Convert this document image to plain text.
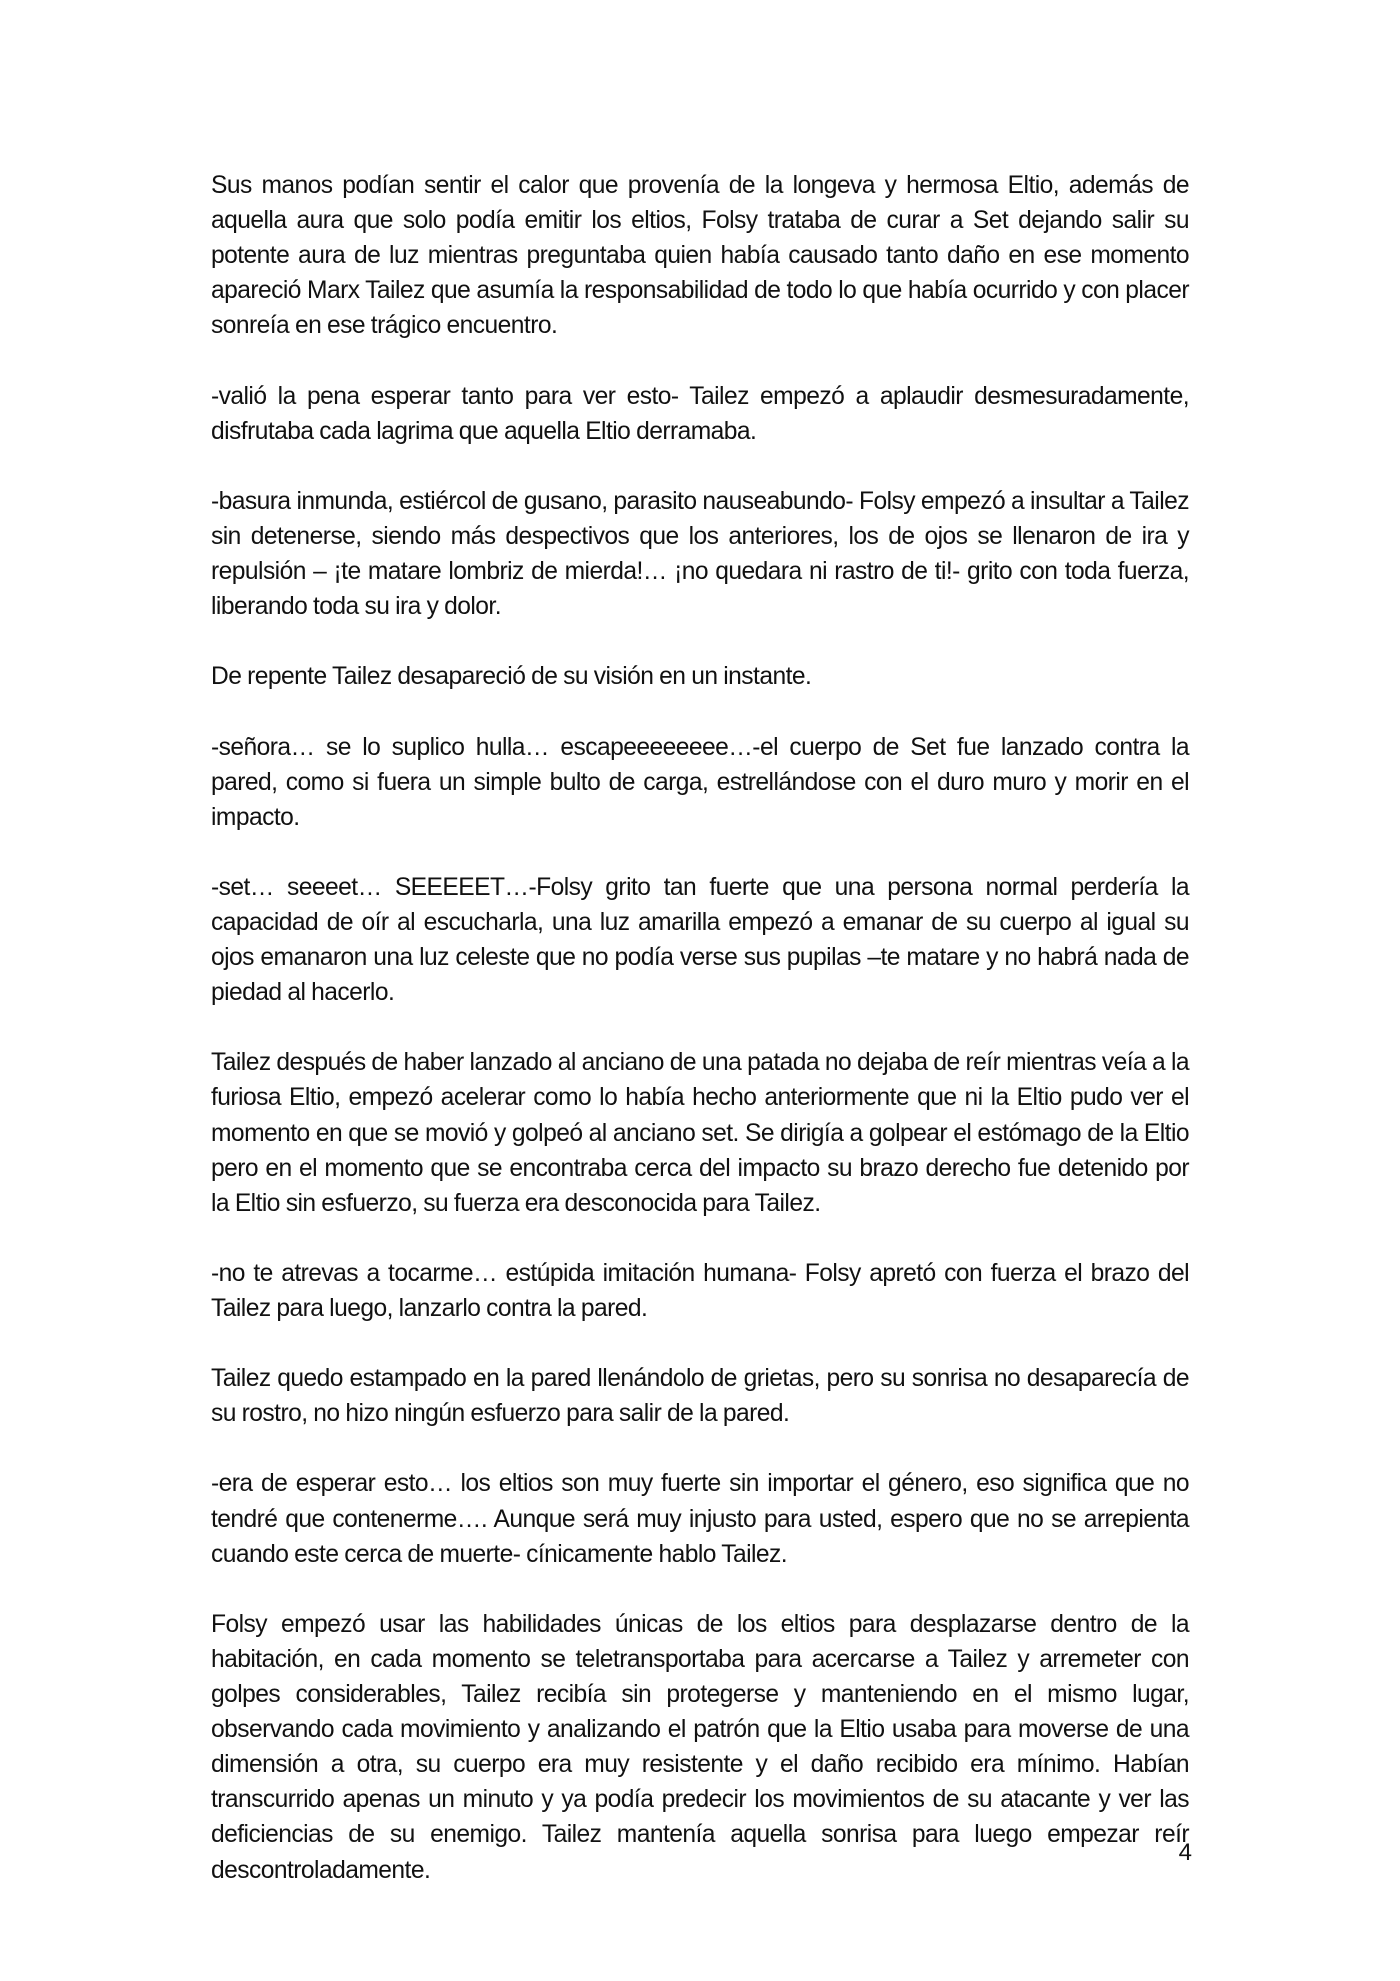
Sus manos podían sentir el calor que provenía de la longeva y hermosa Eltio, además de aquella aura que solo podía emitir los eltios, Folsy trataba de curar a Set dejando salir su potente aura de luz mientras preguntaba quien había causado tanto daño en ese momento apareció Marx Tailez que asumía la responsabilidad de todo lo que había ocurrido y con placer sonreía en ese trágico encuentro.

-valió la pena esperar tanto para ver esto- Tailez empezó a aplaudir desmesuradamente, disfrutaba cada lagrima que aquella Eltio derramaba.

-basura inmunda, estiércol de gusano, parasito nauseabundo- Folsy empezó a insultar a Tailez sin detenerse, siendo más despectivos que los anteriores, los de ojos se llenaron de ira y repulsión – ¡te matare lombriz de mierda!… ¡no quedara ni rastro de ti!- grito con toda fuerza, liberando toda su ira y dolor.

De repente Tailez desapareció de su visión en un instante.

-señora… se lo suplico hulla… escapeeeeeeee…-el cuerpo de Set fue lanzado contra la pared, como si fuera un simple bulto de carga, estrellándose con el duro muro y morir en el impacto.

-set… seeeet… SEEEEET…-Folsy grito tan fuerte que una persona normal perdería la capacidad de oír al escucharla, una luz amarilla empezó a emanar de su cuerpo al igual su ojos emanaron una luz celeste que no podía verse sus pupilas –te matare y no habrá nada de piedad al hacerlo.

Tailez después de haber lanzado al anciano de una patada no dejaba de reír mientras veía a la furiosa Eltio, empezó acelerar como lo había hecho anteriormente que ni la Eltio pudo ver el momento en que se movió y golpeó al anciano set. Se dirigía a golpear el estómago de la Eltio pero en el momento que se encontraba cerca del impacto su brazo derecho fue detenido por la Eltio sin esfuerzo, su fuerza era desconocida para Tailez.

-no te atrevas a tocarme… estúpida imitación humana- Folsy apretó con fuerza el brazo del Tailez para luego, lanzarlo contra la pared.

Tailez quedo estampado en la pared llenándolo de grietas, pero su sonrisa no desaparecía de su rostro, no hizo ningún esfuerzo para salir de la pared.

-era de esperar esto… los eltios son muy fuerte sin importar el género, eso significa que no tendré que contenerme…. Aunque será muy injusto para usted, espero que no se arrepienta cuando este cerca de muerte- cínicamente hablo Tailez.

Folsy empezó usar las habilidades únicas de los eltios para desplazarse dentro de la habitación, en cada momento se teletransportaba para acercarse a Tailez y arremeter con golpes considerables, Tailez recibía sin protegerse y manteniendo en el mismo lugar, observando cada movimiento y analizando el patrón que la Eltio usaba para moverse de una dimensión a otra, su cuerpo era muy resistente y el daño recibido era mínimo. Habían transcurrido apenas un minuto y ya podía predecir los movimientos de su atacante y ver las deficiencias de su enemigo. Tailez mantenía aquella sonrisa para luego empezar reír descontroladamente.

4
